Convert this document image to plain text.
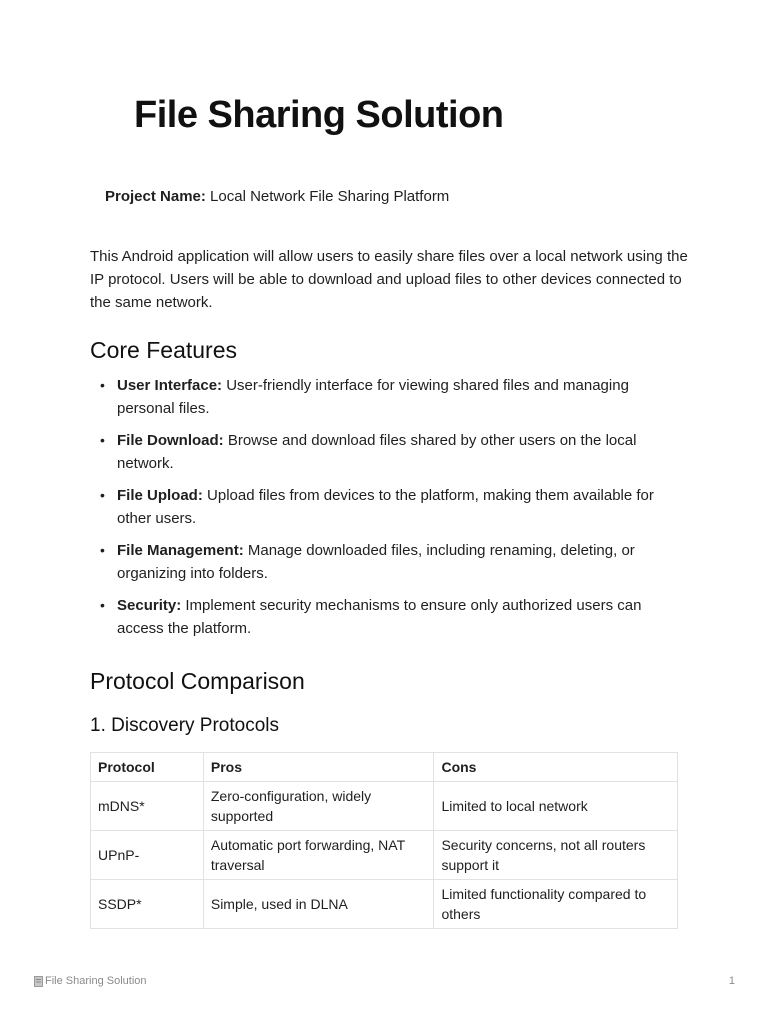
File Sharing Solution
Project Name: Local Network File Sharing Platform

This Android application will allow users to easily share files over a local network using the IP protocol. Users will be able to download and upload files to other devices connected to the same network.

Core Features
• User Interface: User-friendly interface for viewing shared files and managing personal files.
• File Download: Browse and download files shared by other users on the local network.
• File Upload: Upload files from devices to the platform, making them available for other users.
• File Management: Manage downloaded files, including renaming, deleting, or organizing into folders.
• Security: Implement security mechanisms to ensure only authorized users can access the platform.
Protocol Comparison
1. Discovery Protocols
Protocol	Pros	Cons
mDNS*	Zero-configuration, widely supported	Limited to local network
UPnP-	Automatic port forwarding, NAT traversal	Security concerns, not all routers support it
SSDP*	Simple, used in DLNA	Limited functionality compared to others
File Sharing Solution	1
